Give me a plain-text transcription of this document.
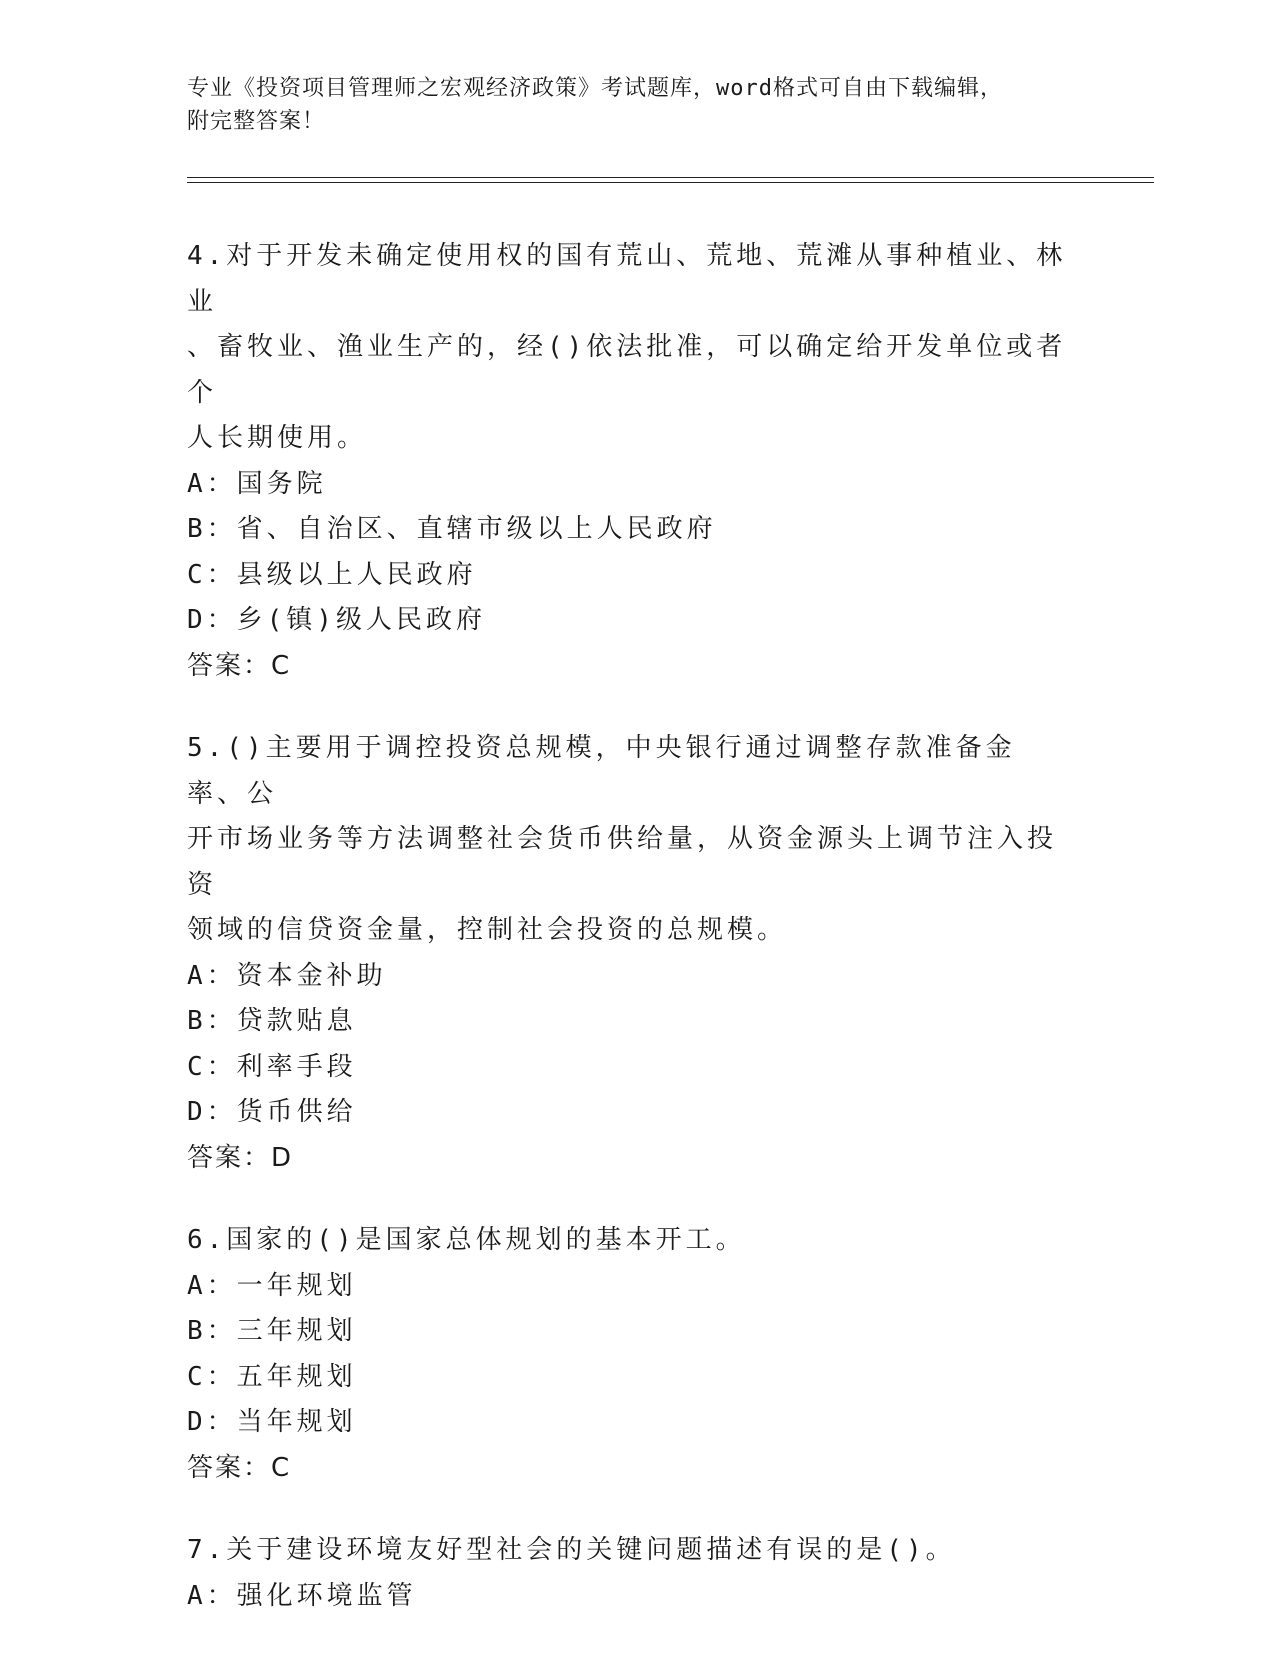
专业《投资项目管理师之宏观经济政策》考试题库，word格式可自由下载编辑，
附完整答案！
4.对于开发未确定使用权的国有荒山、荒地、荒滩从事种植业、林业
、畜牧业、渔业生产的，经()依法批准，可以确定给开发单位或者个
人长期使用。
A：国务院
B：省、自治区、直辖市级以上人民政府
C：县级以上人民政府
D：乡(镇)级人民政府
答案：C
5.()主要用于调控投资总规模，中央银行通过调整存款准备金率、公
开市场业务等方法调整社会货币供给量，从资金源头上调节注入投资
领域的信贷资金量，控制社会投资的总规模。
A：资本金补助
B：贷款贴息
C：利率手段
D：货币供给
答案：D
6.国家的()是国家总体规划的基本开工。
A：一年规划
B：三年规划
C：五年规划
D：当年规划
答案：C
7.关于建设环境友好型社会的关键问题描述有误的是()。
A：强化环境监管
